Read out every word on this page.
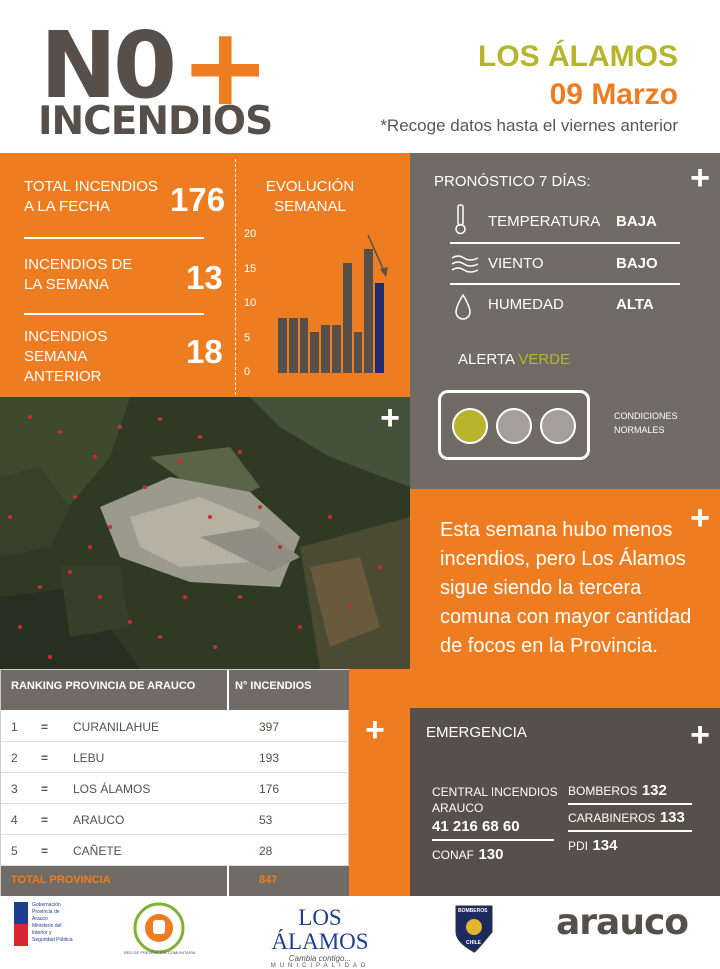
N0 +
INCENDIOS
LOS ÁLAMOS
09 Marzo
*Recoge datos hasta el viernes anterior
TOTAL INCENDIOS
A LA FECHA	176
INCENDIOS DE
LA SEMANA	13
INCENDIOS
SEMANA
ANTERIOR
18
EVOLUCIÓN
SEMANAL
0
5
10
15
20
PRONÓSTICO 7 DÍAS:	+
TEMPERATURA BAJA
VIENTO	BAJO
HUMEDAD	ALTA
ALERTA VERDE
CONDICIONES
NORMALES
+
+
Esta semana hubo menos incendios, pero Los Álamos sigue siendo la tercera comuna con mayor cantidad de focos en la Provincia.
RANKING PROVINCIA DE ARAUCO	N° INCENDIOS
1 = CURANILAHUE	397
2 = LEBU	193
3 = LOS ÁLAMOS	176
4 = ARAUCO	53
5 = CAÑETE	28
TOTAL PROVINCIA	847
+	EMERGENCIA	+
CENTRAL INCENDIOS
ARAUCO
41 216 68 60
CONAF 130
BOMBEROS 132
CARABINEROS 133
PDI 134
Gobernación
Provincia de Arauco
Ministerio del
Interior y
Seguridad Pública
RED DE PREVENCIÓN COMUNITARIA
LOS ÁLAMOS
Cambia contigo...
MUNICIPALIDAD
BOMBEROS
CHILE arauco
